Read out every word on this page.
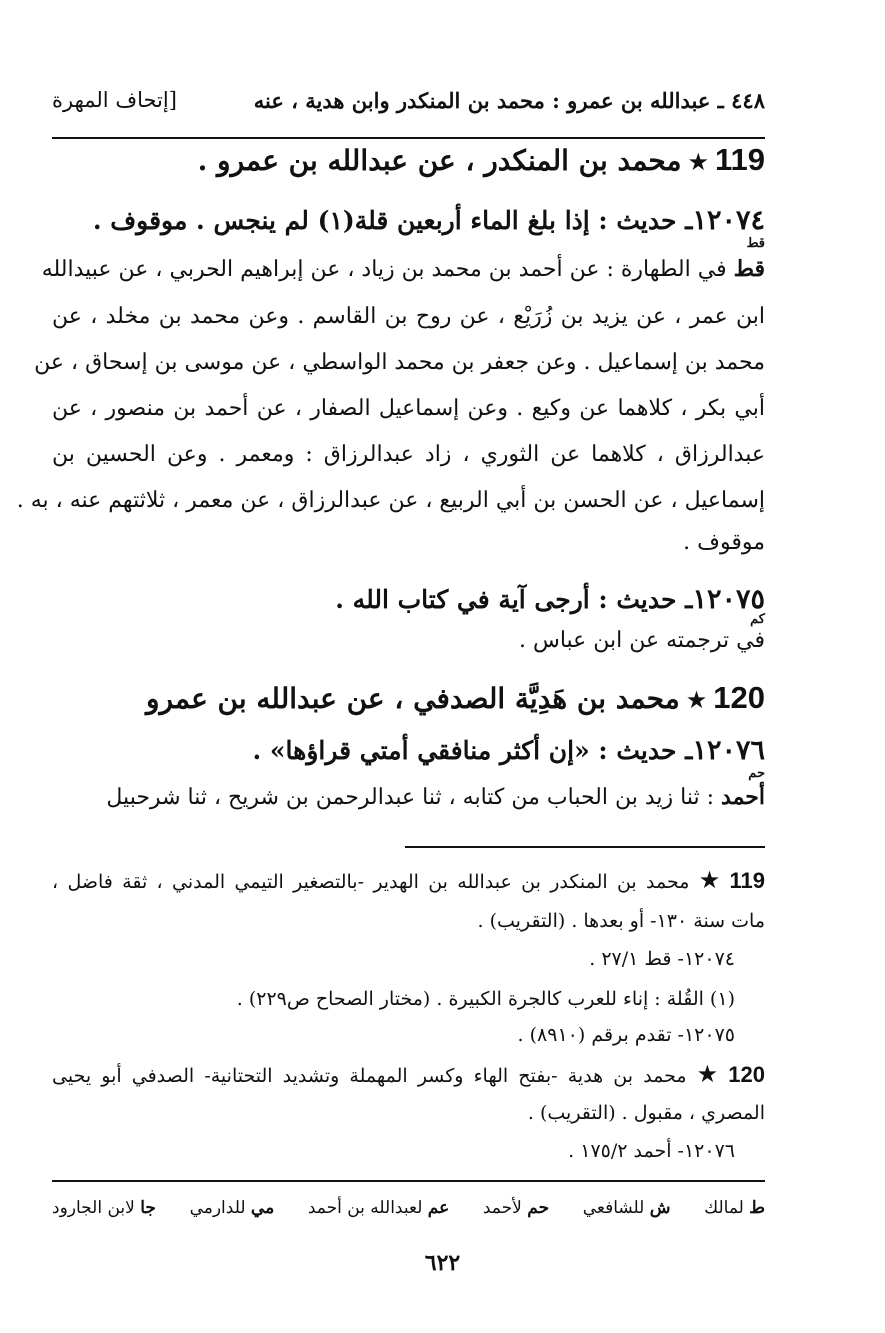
٤٤٨ ـ عبدالله بن عمرو : محمد بن المنكدر وابن هدية ، عنه
[إتحاف المهرة
119★محمد بن المنكدر ، عن عبدالله بن عمرو .
١٢٠٧٤ـ حديث : إذا بلغ الماء أربعين قلة(١) لم ينجس . موقوف .
قط
قط في الطهارة : عن أحمد بن محمد بن زياد ، عن إبراهيم الحربي ، عن عبيدالله
ابن عمر ، عن يزيد بن زُرَيْع ، عن روح بن القاسم . وعن محمد بن مخلد ، عن
محمد بن إسماعيل . وعن جعفر بن محمد الواسطي ، عن موسى بن إسحاق ، عن
أبي بكر ، كلاهما عن وكيع . وعن إسماعيل الصفار ، عن أحمد بن منصور ، عن
عبدالرزاق ، كلاهما عن الثوري ، زاد عبدالرزاق : ومعمر . وعن الحسين بن
إسماعيل ، عن الحسن بن أبي الربيع ، عن عبدالرزاق ، عن معمر ، ثلاثتهم عنه ، به .
موقوف .
١٢٠٧٥ـ حديث : أرجى آية في كتاب الله .
كم
في ترجمته عن ابن عباس .
120★محمد بن هَدِيَّة الصدفي ، عن عبدالله بن عمرو
١٢٠٧٦ـ حديث : «إن أكثر منافقي أمتي قراؤها» .
حم
أحمد : ثنا زيد بن الحباب من كتابه ، ثنا عبدالرحمن بن شريح ، ثنا شرحبيل
119★محمد بن المنكدر بن عبدالله بن الهدير -بالتصغير التيمي المدني ، ثقة فاضل ،
مات سنة ١٣٠- أو بعدها . (التقريب) .
١٢٠٧٤- قط ٢٧/١ .
(١) القُلة : إناء للعرب كالجرة الكبيرة . (مختار الصحاح ص٢٢٩) .
١٢٠٧٥- تقدم برقم (٨٩١٠) .
120★محمد بن هدية -بفتح الهاء وكسر المهملة وتشديد التحتانية- الصدفي أبو يحيى
المصري ، مقبول . (التقريب) .
١٢٠٧٦- أحمد ١٧٥/٢ .
ط لمالك
ش للشافعي
حم لأحمد
عم لعبدالله بن أحمد
مي للدارمي
جا لابن الجارود
٦٢٢
